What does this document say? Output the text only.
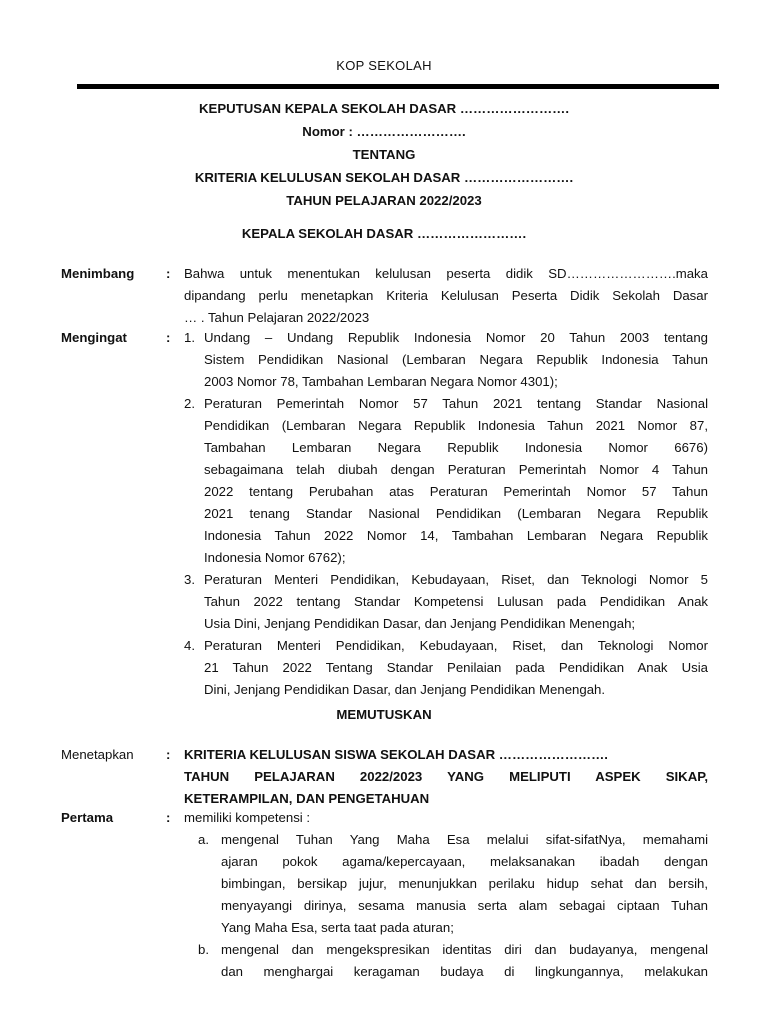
KOP SEKOLAH
KEPUTUSAN KEPALA SEKOLAH DASAR …………………….
Nomor : …………………….
TENTANG
KRITERIA KELULUSAN SEKOLAH DASAR …………………….
TAHUN PELAJARAN 2022/2023
KEPALA SEKOLAH DASAR …………………….
Menimbang : Bahwa untuk menentukan kelulusan peserta didik SD…………………….maka
dipandang perlu menetapkan Kriteria Kelulusan Peserta Didik Sekolah Dasar
… . Tahun Pelajaran 2022/2023
Mengingat	: 1. Undang – Undang Republik Indonesia Nomor 20 Tahun 2003 tentang
Sistem Pendidikan Nasional (Lembaran Negara Republik Indonesia Tahun
2003 Nomor 78, Tambahan Lembaran Negara Nomor 4301);
2. Peraturan Pemerintah Nomor 57 Tahun 2021 tentang Standar Nasional
Pendidikan (Lembaran Negara Republik Indonesia Tahun 2021 Nomor 87,
Tambahan Lembaran Negara Republik Indonesia Nomor 6676)
sebagaimana telah diubah dengan Peraturan Pemerintah Nomor 4 Tahun
2022 tentang Perubahan atas Peraturan Pemerintah Nomor 57 Tahun
2021 tenang Standar Nasional Pendidikan (Lembaran Negara Republik
Indonesia Tahun 2022 Nomor 14, Tambahan Lembaran Negara Republik
Indonesia Nomor 6762);
3. Peraturan Menteri Pendidikan, Kebudayaan, Riset, dan Teknologi Nomor 5
Tahun 2022 tentang Standar Kompetensi Lulusan pada Pendidikan Anak
Usia Dini, Jenjang Pendidikan Dasar, dan Jenjang Pendidikan Menengah;
4. Peraturan Menteri Pendidikan, Kebudayaan, Riset, dan Teknologi Nomor
21 Tahun 2022 Tentang Standar Penilaian pada Pendidikan Anak Usia
Dini, Jenjang Pendidikan Dasar, dan Jenjang Pendidikan Menengah.
MEMUTUSKAN
Menetapkan : KRITERIA KELULUSAN SISWA SEKOLAH DASAR …………………….
TAHUN PELAJARAN 2022/2023 YANG MELIPUTI ASPEK SIKAP,
KETERAMPILAN, DAN PENGETAHUAN
Pertama	: memiliki kompetensi :
a. mengenal Tuhan Yang Maha Esa melalui sifat-sifatNya, memahami
ajaran pokok agama/kepercayaan, melaksanakan ibadah dengan
bimbingan, bersikap jujur, menunjukkan perilaku hidup sehat dan bersih,
menyayangi dirinya, sesama manusia serta alam sebagai ciptaan Tuhan
Yang Maha Esa, serta taat pada aturan;
b. mengenal dan mengekspresikan identitas diri dan budayanya, mengenal
dan menghargai keragaman budaya di lingkungannya, melakukan
